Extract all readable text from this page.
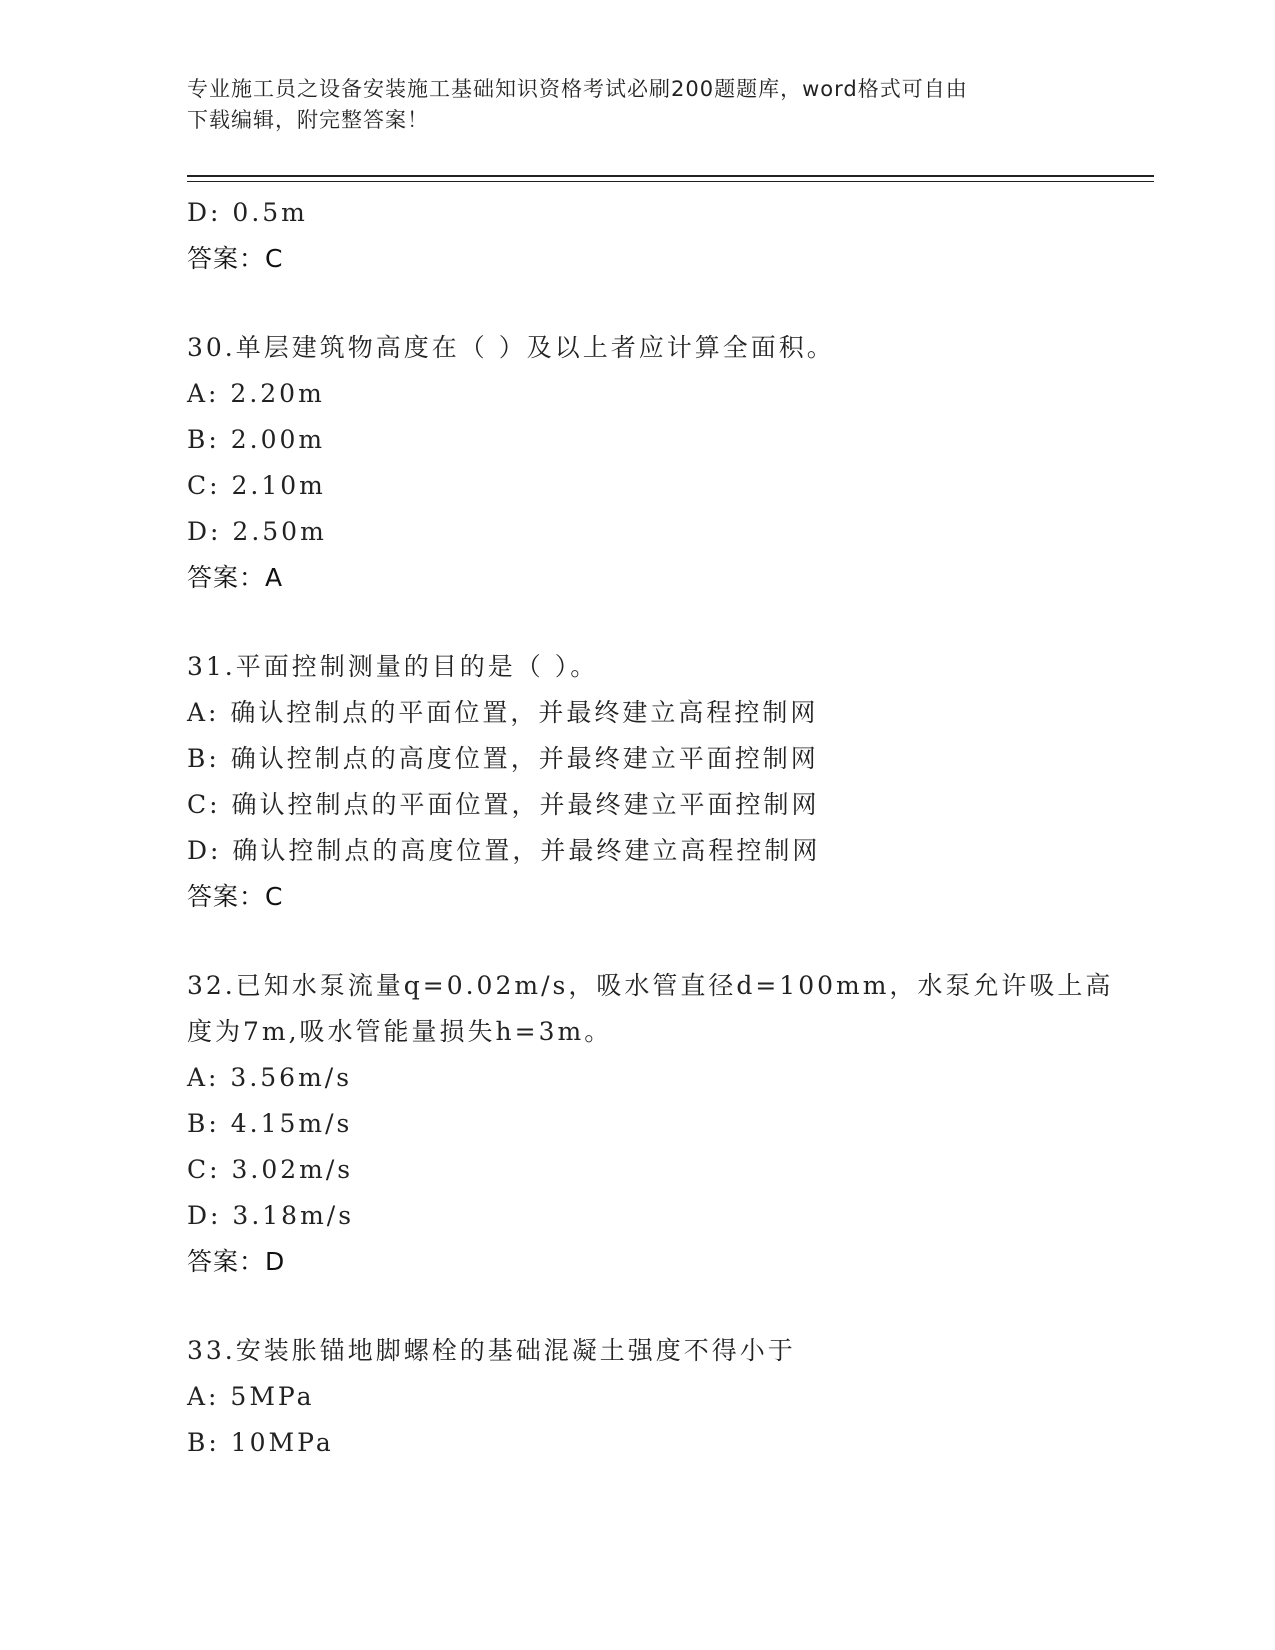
专业施工员之设备安装施工基础知识资格考试必刷200题题库，word格式可自由
下载编辑，附完整答案！
D: 0.5m
答案：C
30.单层建筑物高度在（ ）及以上者应计算全面积。
A: 2.20m
B: 2.00m
C: 2.10m
D: 2.50m
答案：A
31.平面控制测量的目的是（ ）。
A: 确认控制点的平面位置，并最终建立高程控制网
B: 确认控制点的高度位置，并最终建立平面控制网
C: 确认控制点的平面位置，并最终建立平面控制网
D: 确认控制点的高度位置，并最终建立高程控制网
答案：C
32.已知水泵流量q=0.02m/s，吸水管直径d=100mm，水泵允许吸上高
度为7m,吸水管能量损失h=3m。
A: 3.56m/s
B: 4.15m/s
C: 3.02m/s
D: 3.18m/s
答案：D
33.安装胀锚地脚螺栓的基础混凝土强度不得小于
A: 5MPa
B: 10MPa
